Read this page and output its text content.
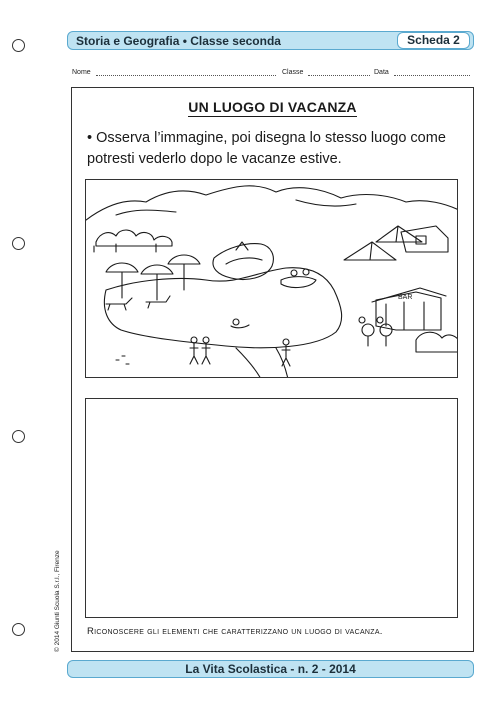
Storia e Geografia • Classe seconda	Scheda 2
Nome	Classe	Data
UN LUOGO DI VACANZA
• Osserva l’immagine, poi disegna lo stesso luogo come potresti vederlo dopo le vacanze estive.
BAR
Riconoscere gli elementi che caratterizzano un luogo di vacanza.
© 2014 Giunti Scuola S.r.l., Firenze
La Vita Scolastica - n. 2 - 2014
